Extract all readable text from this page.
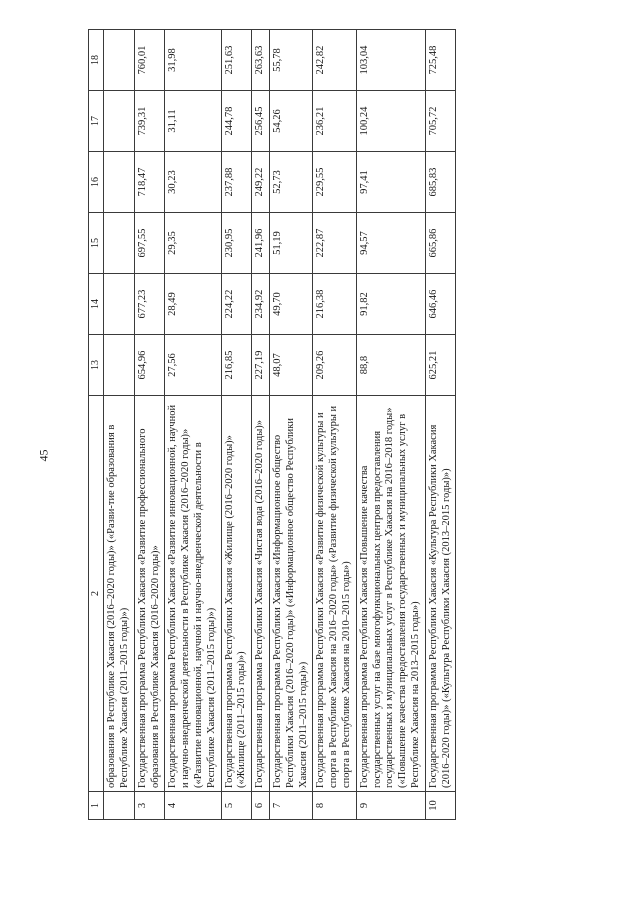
45
1	2	13	14	15	16	17	18
	образования в Республике Хакасия (2016–2020 годы)» («Разви-тие образования в Республике Хакасия (2011–2015 годы)»)						
3	Государственная программа Республики Хакасия «Развитие профессионального образования в Республике Хакасия (2016–2020 годы)»	654,96	677,23	697,55	718,47	739,31	760,01
4	Государственная программа Республики Хакасия «Развитие инновационной, научной и научно-внедренческой деятельности в Республике Хакасия (2016–2020 годы)» («Развитие инновационной, научной и научно-внедренческой деятельности в Республике Хакасия (2011–2015 годы)»)	27,56	28,49	29,35	30,23	31,11	31,98
5	Государственная программа Республики Хакасия «Жилище (2016–2020 годы)» («Жилище (2011–2015 годы)»)	216,85	224,22	230,95	237,88	244,78	251,63
6	Государственная программа Республики Хакасия «Чистая вода (2016–2020 годы)»	227,19	234,92	241,96	249,22	256,45	263,63
7	Государственная программа Республики Хакасия «Информационное общество Республики Хакасия (2016–2020 годы)» («Информационное общество Республики Хакасия (2011–2015 годы)»)	48,07	49,70	51,19	52,73	54,26	55,78
8	Государственная программа Республики Хакасия «Развитие физической культуры и спорта в Республике Хакасия на 2016–2020 годы» («Развитие физической культуры и спорта в Республике Хакасия на 2010–2015 годы»)	209,26	216,38	222,87	229,55	236,21	242,82
9	Государственная программа Республики Хакасия «Повышение качества государственных услуг на базе многофункциональных центров предоставления государственных и муниципальных услуг в Республике Хакасия на 2016–2018 годы» («Повышение качества предоставления государственных и муниципальных услуг в Республике Хакасия на 2013–2015 годы»)	88,8	91,82	94,57	97,41	100,24	103,04
10	Государственная программа Республики Хакасия «Культура Республики Хакасия (2016–2020 годы)» («Культура Республики Хакасия (2013–2015 годы)»)	625,21	646,46	665,86	685,83	705,72	725,48
